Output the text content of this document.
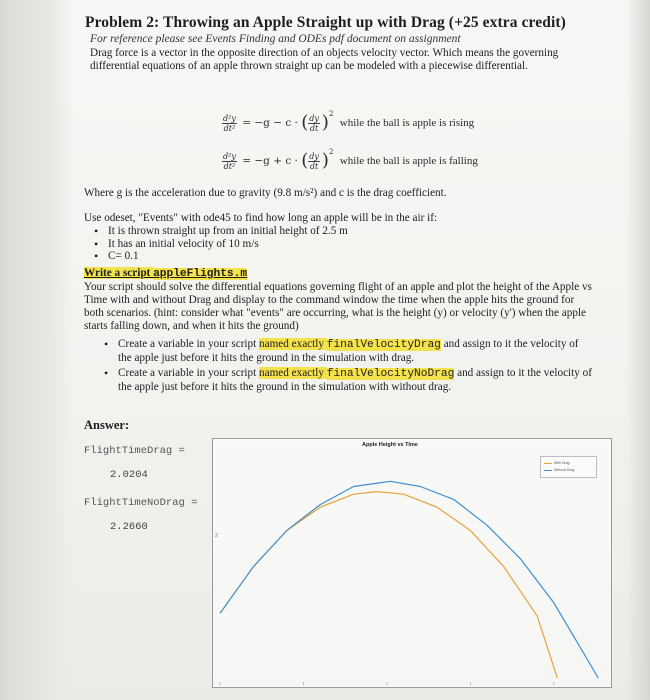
Problem 2: Throwing an Apple Straight up with Drag (+25 extra credit)
For reference please see Events Finding and ODEs pdf document on assignment
Drag force is a vector in the opposite direction of an objects velocity vector. Which means the governing
differential equations of an apple thrown straight up can be modeled with a piecewise differential.
$\frac{\text{d²y}}{\text{dt²}} = -g - c$ · ( $\frac{dy}{dt} )^2$ while the ball is apple is rising
$\frac{\text{d²y}}{\text{dt²}} = -g + c$ · ( $\frac{dy}{dt} )^2$ while the ball is apple is falling
Where g is the acceleration due to gravity (9.8 m/s²) and c is the drag coefficient.
Use odeset, "Events" with ode45 to find how long an apple will be in the air if:
• It is thrown straight up from an initial height of 2.5 m
• It has an initial velocity of 10 m/s
• C= 0.1
Write a script appleFlights.m
Your script should solve the differential equations governing flight of an apple and plot the height of the Apple vs
Time with and without Drag and display to the command window the time when the apple hits the ground for
both scenarios. (hint: consider what "events" are occurring, what is the height (y) or velocity (y') when the apple
starts falling down, and when it hits the ground)
• Create a variable in your script named exactly finalVelocityDrag and assign to it the velocity of
the apple just before it hits the ground in the simulation with drag.
• Create a variable in your script named exactly finalVelocityNoDrag and assign to it the velocity of
the apple just before it hits the ground in the simulation with without drag.
Answer:
FlightTimeDrag =
2.0204
FlightTimeNoDrag =
2.2660
Apple Height vs Time
2
With Drag
Without Drag
